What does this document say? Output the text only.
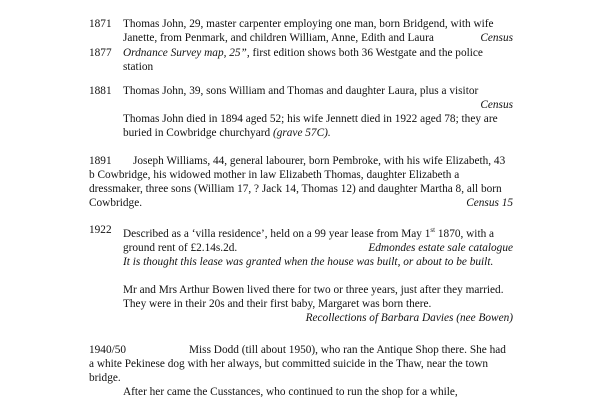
1871 Thomas John, 29, master carpenter employing one man, born Bridgend, with wife Janette, from Penmark, and children William, Anne, Edith and Laura	Census
1877 Ordnance Survey map, 25”, first edition shows both 36 Westgate and the police station
1881 Thomas John, 39, sons William and Thomas and daughter Laura, plus a visitor
Census
Thomas John died in 1894 aged 52; his wife Jennett died in 1922 aged 78; they are buried in Cowbridge churchyard (grave 57C).
1891	Joseph Williams, 44, general labourer, born Pembroke, with his wife Elizabeth, 43 b Cowbridge, his widowed mother in law Elizabeth Thomas, daughter Elizabeth a dressmaker, three sons (William 17, ? Jack 14, Thomas 12) and daughter Martha 8, all born Cowbridge.	Census 15
1922 Described as a ‘villa residence’, held on a 99 year lease from May 1st 1870, with a ground rent of £2.14s.2d.	Edmondes estate sale catalogue
It is thought this lease was granted when the house was built, or about to be built.
Mr and Mrs Arthur Bowen lived there for two or three years, just after they married. They were in their 20s and their first baby, Margaret was born there.
Recollections of Barbara Davies (nee Bowen)
1940/50	Miss Dodd (till about 1950), who ran the Antique Shop there. She had a white Pekinese dog with her always, but committed suicide in the Thaw, near the town bridge.
After her came the Cusstances, who continued to run the shop for a while,
